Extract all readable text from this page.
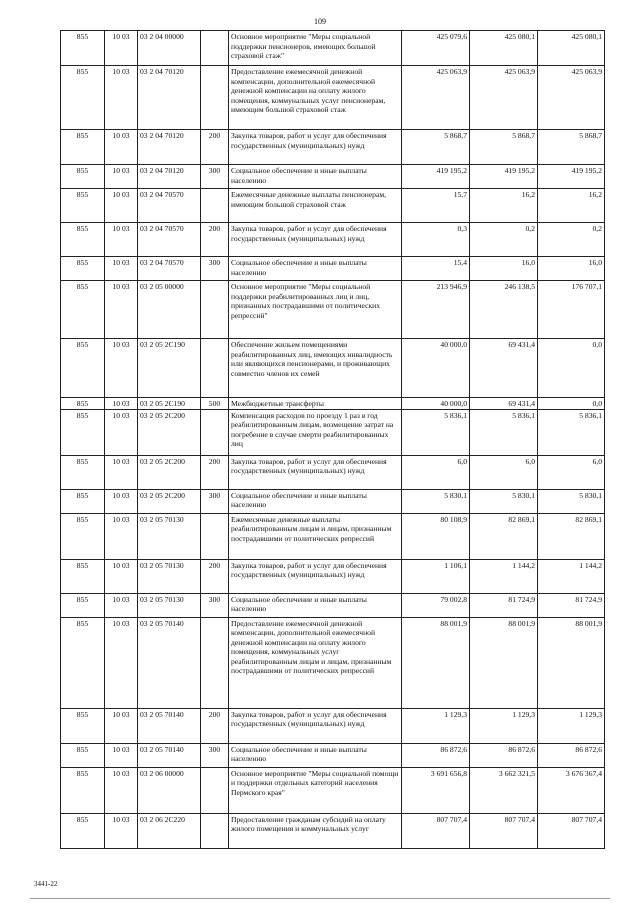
109
855	10 03	03 2 04 00000		Основное мероприятие "Меры социальной поддержки пенсионеров, имеющих большой страховой стаж"	425 079,6	425 080,1	425 080,1
855	10 03	03 2 04 70120		Предоставление ежемесячной денежной компенсации, дополнительной ежемесячной денежной компенсации на оплату жилого помещения, коммунальных услуг пенсионерам, имеющим большой страховой стаж	425 063,9	425 063,9	425 063,9
855	10 03	03 2 04 70120	200	Закупка товаров, работ и услуг для обеспечения государственных (муниципальных) нужд	5 868,7	5 868,7	5 868,7
855	10 03	03 2 04 70120	300	Социальное обеспечение и иные выплаты населению	419 195,2	419 195,2	419 195,2
855	10 03	03 2 04 70570		Ежемесячные денежные выплаты пенсионерам, имеющим большой страховой стаж	15,7	16,2	16,2
855	10 03	03 2 04 70570	200	Закупка товаров, работ и услуг для обеспечения государственных (муниципальных) нужд	0,3	0,2	0,2
855	10 03	03 2 04 70570	300	Социальное обеспечение и иные выплаты населению	15,4	16,0	16,0
855	10 03	03 2 05 00000		Основное мероприятие "Меры социальной поддержки реабилитированных лиц и лиц, признанных пострадавшими от политических репрессий"	213 946,9	246 138,5	176 707,1
855	10 03	03 2 05 2С190		Обеспечение жильем помещениями реабилитированных лиц, имеющих инвалидность или являющихся пенсионерами, и проживающих совместно членов их семей	40 000,0	69 431,4	0,0
855	10 03	03 2 05 2С190	500	Межбюджетные трансферты	40 000,0	69 431,4	0,0
855	10 03	03 2 05 2С200		Компенсация расходов по проезду 1 раз в год реабилитированным лицам, возмещение затрат на погребение в случае смерти реабилитированных лиц	5 836,1	5 836,1	5 836,1
855	10 03	03 2 05 2С200	200	Закупка товаров, работ и услуг для обеспечения государственных (муниципальных) нужд	6,0	6,0	6,0
855	10 03	03 2 05 2С200	300	Социальное обеспечение и иные выплаты населению	5 830,1	5 830,1	5 830,1
855	10 03	03 2 05 70130		Ежемесячные денежные выплаты реабилитированным лицам и лицам, признанным пострадавшими от политических репрессий	80 108,9	82 869,1	82 869,1
855	10 03	03 2 05 70130	200	Закупка товаров, работ и услуг для обеспечения государственных (муниципальных) нужд	1 106,1	1 144,2	1 144,2
855	10 03	03 2 05 70130	300	Социальное обеспечение и иные выплаты населению	79 002,8	81 724,9	81 724,9
855	10 03	03 2 05 70140		Предоставление ежемесячной денежной компенсации, дополнительной ежемесячной денежной компенсации на оплату жилого помещения, коммунальных услуг реабилитированным лицам и лицам, признанным пострадавшими от политических репрессий	88 001,9	88 001,9	88 001,9
855	10 03	03 2 05 70140	200	Закупка товаров, работ и услуг для обеспечения государственных (муниципальных) нужд	1 129,3	1 129,3	1 129,3
855	10 03	03 2 05 70140	300	Социальное обеспечение и иные выплаты населению	86 872,6	86 872,6	86 872,6
855	10 03	03 2 06 00000		Основное мероприятие "Меры социальной помощи и поддержки отдельных категорий населения Пермского края"	3 691 656,8	3 662 321,5	3 676 367,4
855	10 03	03 2 06 2С220		Предоставление гражданам субсидий на оплату жилого помещения и коммунальных услуг	807 707,4	807 707,4	807 707,4
3441-22
